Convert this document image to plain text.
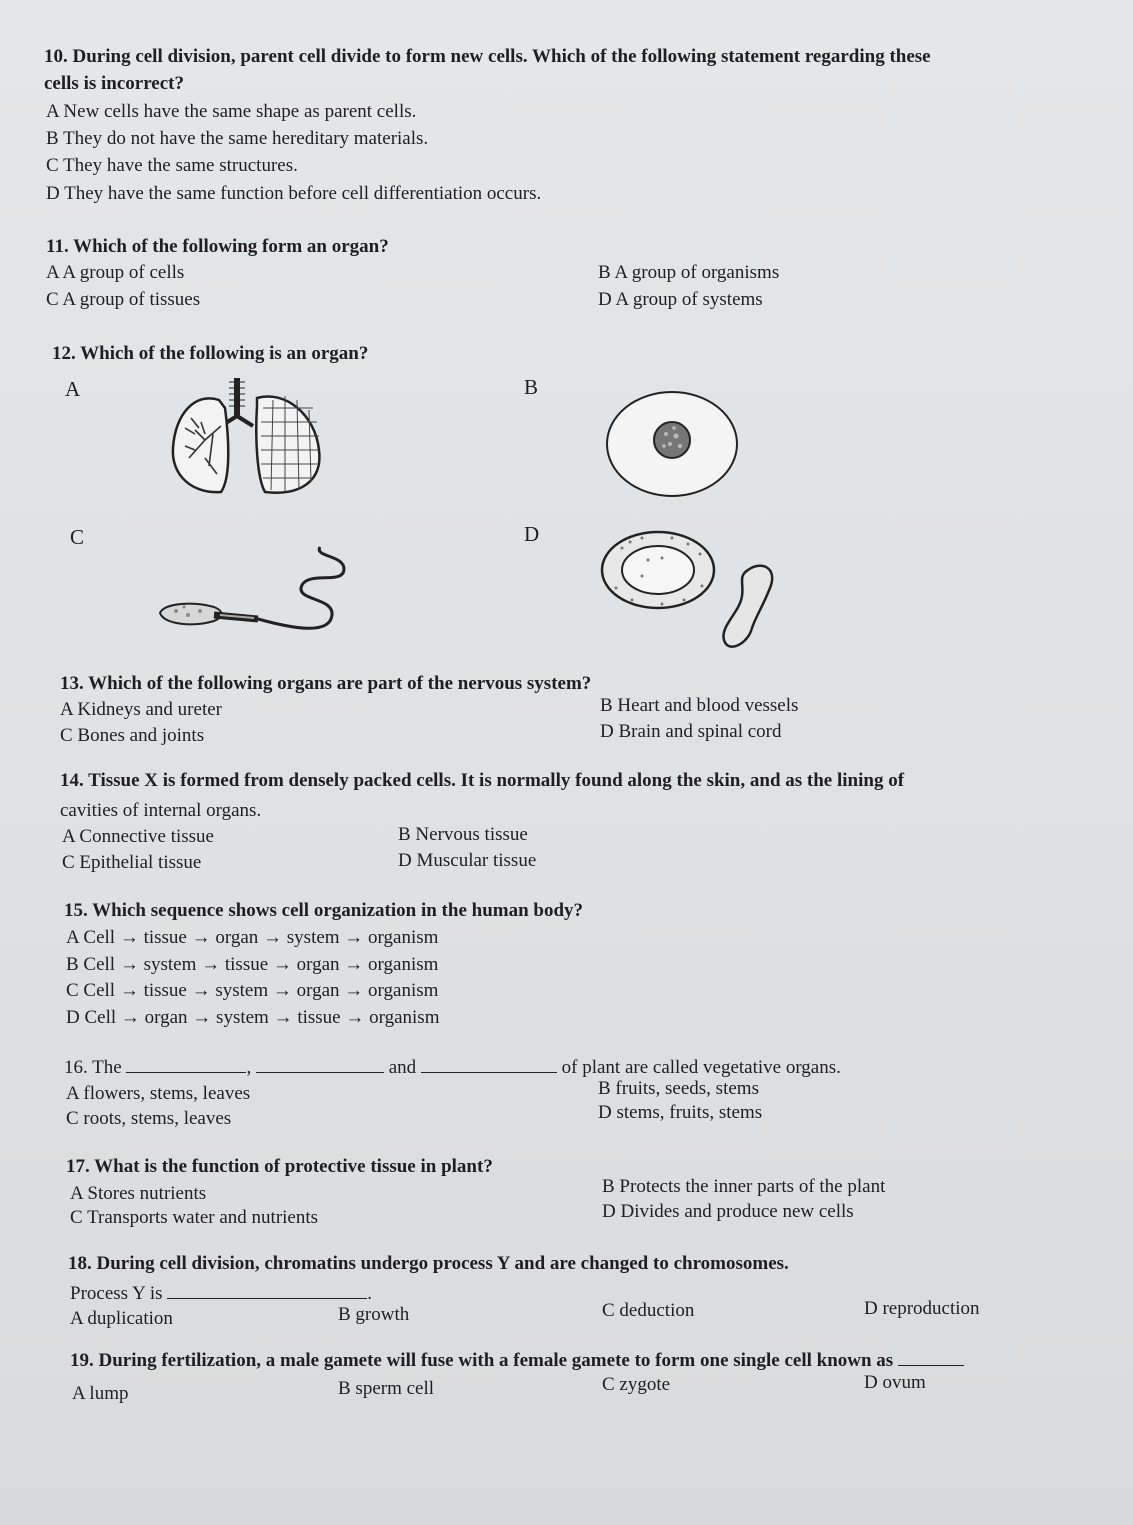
10. During cell division, parent cell divide to form new cells. Which of the following statement regarding these
cells is incorrect?
A New cells have the same shape as parent cells.
B They do not have the same hereditary materials.
C They have the same structures.
D They have the same function before cell differentiation occurs.
11. Which of the following form an organ?
A A group of cells	B A group of organisms
C A group of tissues	D A group of systems
12. Which of the following is an organ?
A	B
C	D
13. Which of the following organs are part of the nervous system?
A Kidneys and ureter	B Heart and blood vessels
C Bones and joints	D Brain and spinal cord
14. Tissue X is formed from densely packed cells. It is normally found along the skin, and as the lining of
cavities of internal organs.
A Connective tissue	B Nervous tissue
C Epithelial tissue	D Muscular tissue
15. Which sequence shows cell organization in the human body?
A Cell → tissue → organ → system → organism
B Cell → system → tissue → organ → organism
C Cell → tissue → system → organ → organism
D Cell → organ → system → tissue → organism
16. The	,	and	of plant are called vegetative organs.
A flowers, stems, leaves	B fruits, seeds, stems
C roots, stems, leaves	D stems, fruits, stems
17. What is the function of protective tissue in plant?
A Stores nutrients	B Protects the inner parts of the plant
C Transports water and nutrients	D Divides and produce new cells
18. During cell division, chromatins undergo process Y and are changed to chromosomes.
Process Y is	.
A duplication	B growth	C deduction	D reproduction
19. During fertilization, a male gamete will fuse with a female gamete to form one single cell known as
A lump	B sperm cell	C zygote	D ovum
